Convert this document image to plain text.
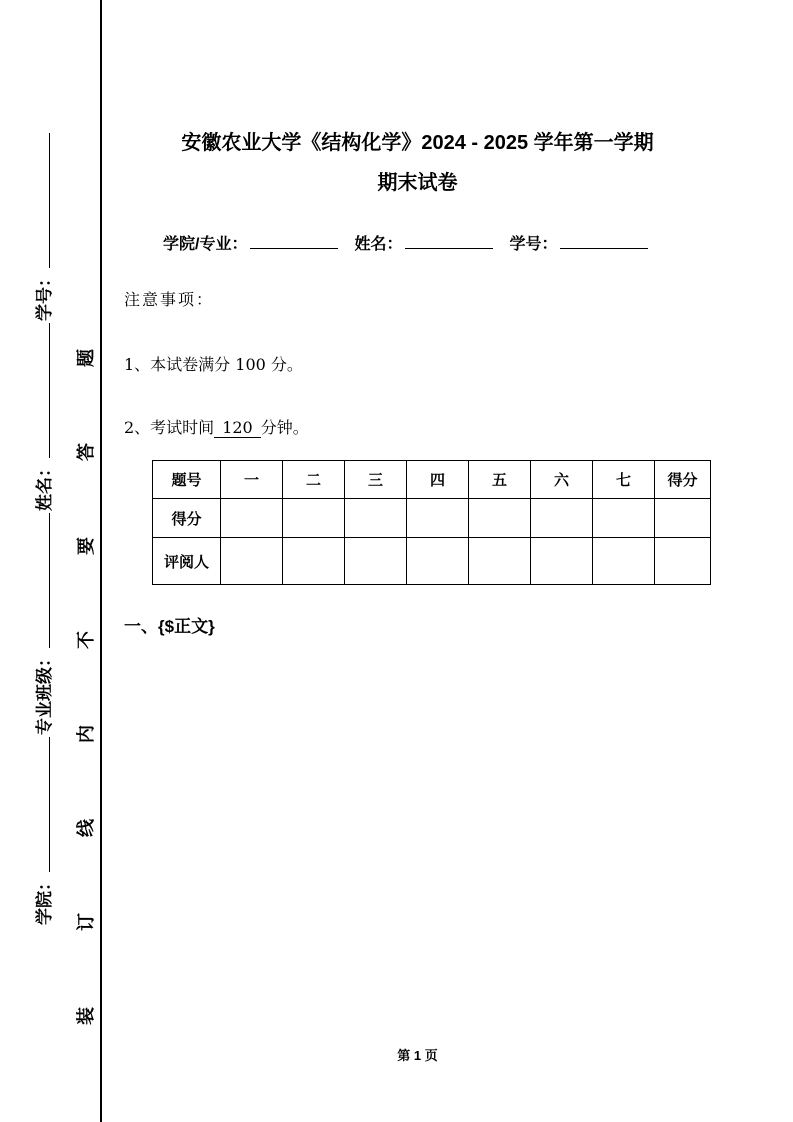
学院：专业班级：姓名：学号： 装订线内不要答题
安徽农业大学《结构化学》2024 - 2025 学年第一学期
期末试卷
学院/专业：	姓名：	学号：
注意事项：
1、本试卷满分 100 分。
2、考试时间 120 分钟。
题号	一	二	三	四	五	六	七	得分
得分								
评阅人								
一、{$正文}
第 1 页
